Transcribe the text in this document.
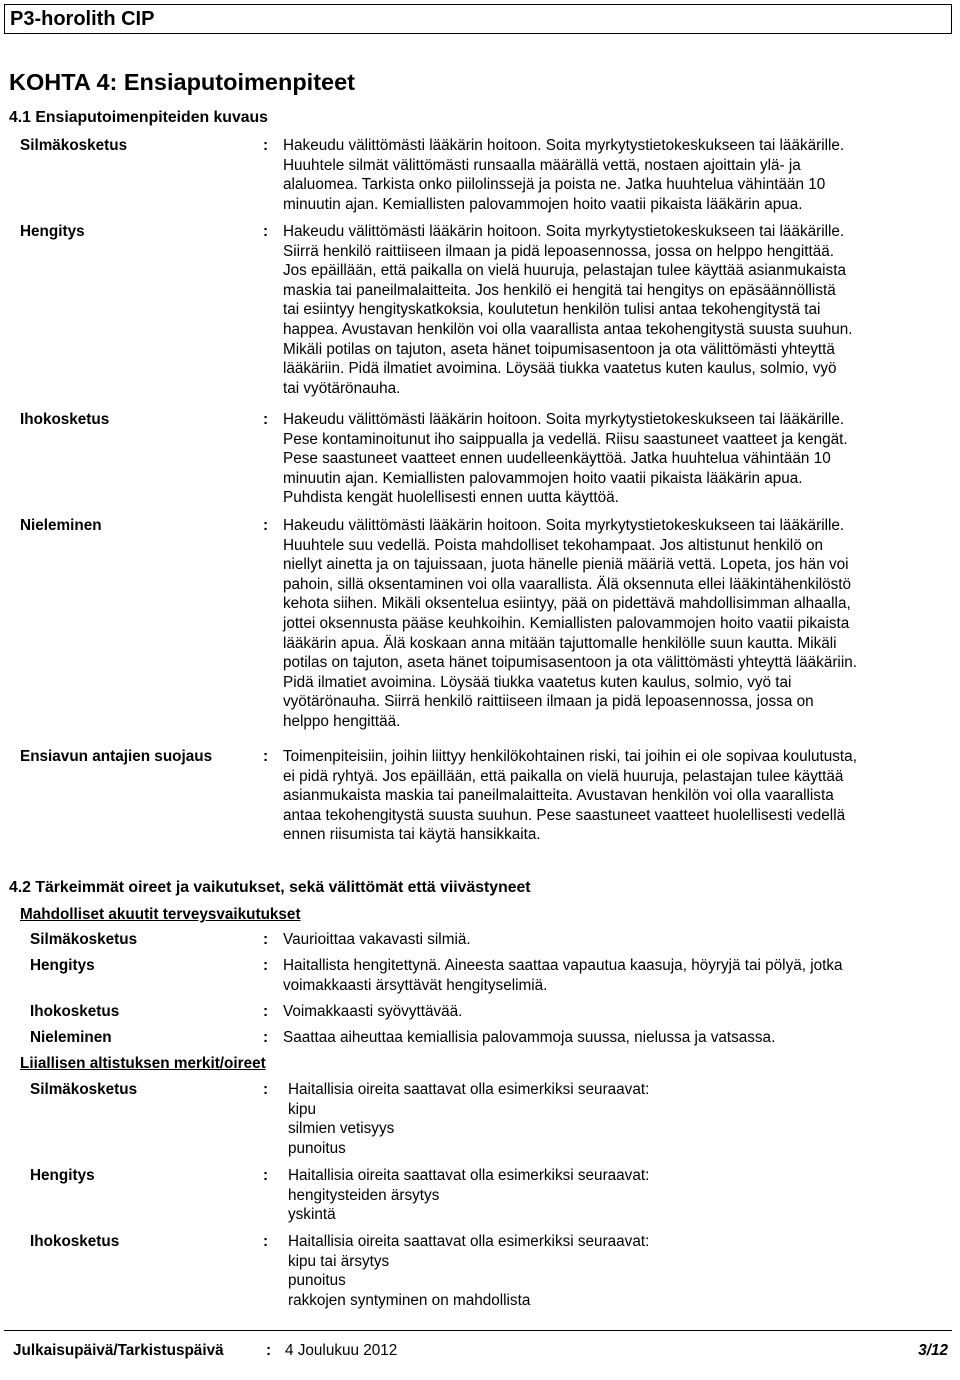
P3-horolith CIP
KOHTA 4: Ensiaputoimenpiteet
4.1 Ensiaputoimenpiteiden kuvaus
Silmäkosketus	: Hakeudu välittömästi lääkärin hoitoon. Soita myrkytystietokeskukseen tai lääkärille.
Huuhtele silmät välittömästi runsaalla määrällä vettä, nostaen ajoittain ylä- ja
alaluomea. Tarkista onko piilolinssejä ja poista ne. Jatka huuhtelua vähintään 10
minuutin ajan. Kemiallisten palovammojen hoito vaatii pikaista lääkärin apua.
Hengitys	: Hakeudu välittömästi lääkärin hoitoon. Soita myrkytystietokeskukseen tai lääkärille.
Siirrä henkilö raittiiseen ilmaan ja pidä lepoasennossa, jossa on helppo hengittää.
Jos epäillään, että paikalla on vielä huuruja, pelastajan tulee käyttää asianmukaista
maskia tai paneilmalaitteita. Jos henkilö ei hengitä tai hengitys on epäsäännöllistä
tai esiintyy hengityskatkoksia, koulutetun henkilön tulisi antaa tekohengitystä tai
happea. Avustavan henkilön voi olla vaarallista antaa tekohengitystä suusta suuhun.
Mikäli potilas on tajuton, aseta hänet toipumisasentoon ja ota välittömästi yhteyttä
lääkäriin. Pidä ilmatiet avoimina. Löysää tiukka vaatetus kuten kaulus, solmio, vyö
tai vyötärönauha.
Ihokosketus	: Hakeudu välittömästi lääkärin hoitoon. Soita myrkytystietokeskukseen tai lääkärille.
Pese kontaminoitunut iho saippualla ja vedellä. Riisu saastuneet vaatteet ja kengät.
Pese saastuneet vaatteet ennen uudelleenkäyttöä. Jatka huuhtelua vähintään 10
minuutin ajan. Kemiallisten palovammojen hoito vaatii pikaista lääkärin apua.
Puhdista kengät huolellisesti ennen uutta käyttöä.
Nieleminen	: Hakeudu välittömästi lääkärin hoitoon. Soita myrkytystietokeskukseen tai lääkärille.
Huuhtele suu vedellä. Poista mahdolliset tekohampaat. Jos altistunut henkilö on
niellyt ainetta ja on tajuissaan, juota hänelle pieniä määriä vettä. Lopeta, jos hän voi
pahoin, sillä oksentaminen voi olla vaarallista. Älä oksennuta ellei lääkintähenkilöstö
kehota siihen. Mikäli oksentelua esiintyy, pää on pidettävä mahdollisimman alhaalla,
jottei oksennusta pääse keuhkoihin. Kemiallisten palovammojen hoito vaatii pikaista
lääkärin apua. Älä koskaan anna mitään tajuttomalle henkilölle suun kautta. Mikäli
potilas on tajuton, aseta hänet toipumisasentoon ja ota välittömästi yhteyttä lääkäriin.
Pidä ilmatiet avoimina. Löysää tiukka vaatetus kuten kaulus, solmio, vyö tai
vyötärönauha. Siirrä henkilö raittiiseen ilmaan ja pidä lepoasennossa, jossa on
helppo hengittää.
Ensiavun antajien suojaus	: Toimenpiteisiin, joihin liittyy henkilökohtainen riski, tai joihin ei ole sopivaa koulutusta,
ei pidä ryhtyä. Jos epäillään, että paikalla on vielä huuruja, pelastajan tulee käyttää
asianmukaista maskia tai paneilmalaitteita. Avustavan henkilön voi olla vaarallista
antaa tekohengitystä suusta suuhun. Pese saastuneet vaatteet huolellisesti vedellä
ennen riisumista tai käytä hansikkaita.
4.2 Tärkeimmät oireet ja vaikutukset, sekä välittömät että viivästyneet
Mahdolliset akuutit terveysvaikutukset
Silmäkosketus	: Vaurioittaa vakavasti silmiä.
Hengitys	: Haitallista hengitettynä. Aineesta saattaa vapautua kaasuja, höyryjä tai pölyä, jotka
voimakkaasti ärsyttävät hengityselimiä.
Ihokosketus	: Voimakkaasti syövyttävää.
Nieleminen	: Saattaa aiheuttaa kemiallisia palovammoja suussa, nielussa ja vatsassa.
Liiallisen altistuksen merkit/oireet
Silmäkosketus	: Haitallisia oireita saattavat olla esimerkiksi seuraavat:
kipu
silmien vetisyys
punoitus
Hengitys	: Haitallisia oireita saattavat olla esimerkiksi seuraavat:
hengitysteiden ärsytys
yskintä
Ihokosketus	: Haitallisia oireita saattavat olla esimerkiksi seuraavat:
kipu tai ärsytys
punoitus
rakkojen syntyminen on mahdollista
Julkaisupäivä/Tarkistuspäivä	: 4 Joulukuu 2012	3/12
